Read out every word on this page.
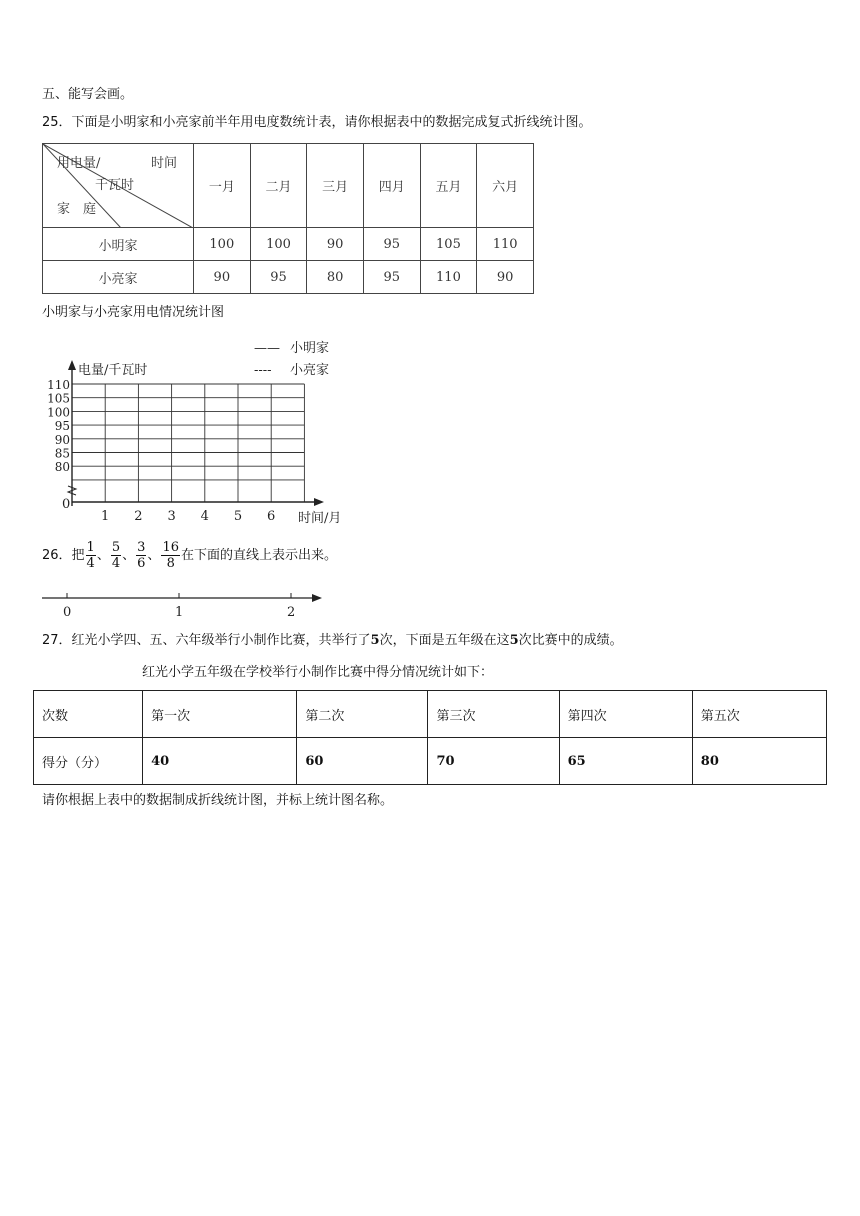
五、能写会画。
25．下面是小明家和小亮家前半年用电度数统计表，请你根据表中的数据完成复式折线统计图。
用电量/ 时间
千瓦时
家　庭	一月	二月	三月	四月	五月	六月
小明家	100	100	90	95	105	110
小亮家	90	95	80	95	110	90
小明家与小亮家用电情况统计图
电量/千瓦时
时间/月
0
110
105
100
95
90
85
80
1 2 3 4 5 6
—— 小明家
---- 小亮家
26．把 $\frac{1}{4}$ 、 $\frac{5}{4}$ 、 $\frac{3}{6}$ 、 $\frac{16}{8}$ 在下面的直线上表示出来。
0	1	2
27．红光小学四、五、六年级举行小制作比赛，共举行了5次，下面是五年级在这5次比赛中的成绩。
红光小学五年级在学校举行小制作比赛中得分情况统计如下：
次数	第一次	第二次	第三次	第四次	第五次
得分（分）	40	60	70	65	80
请你根据上表中的数据制成折线统计图，并标上统计图名称。
